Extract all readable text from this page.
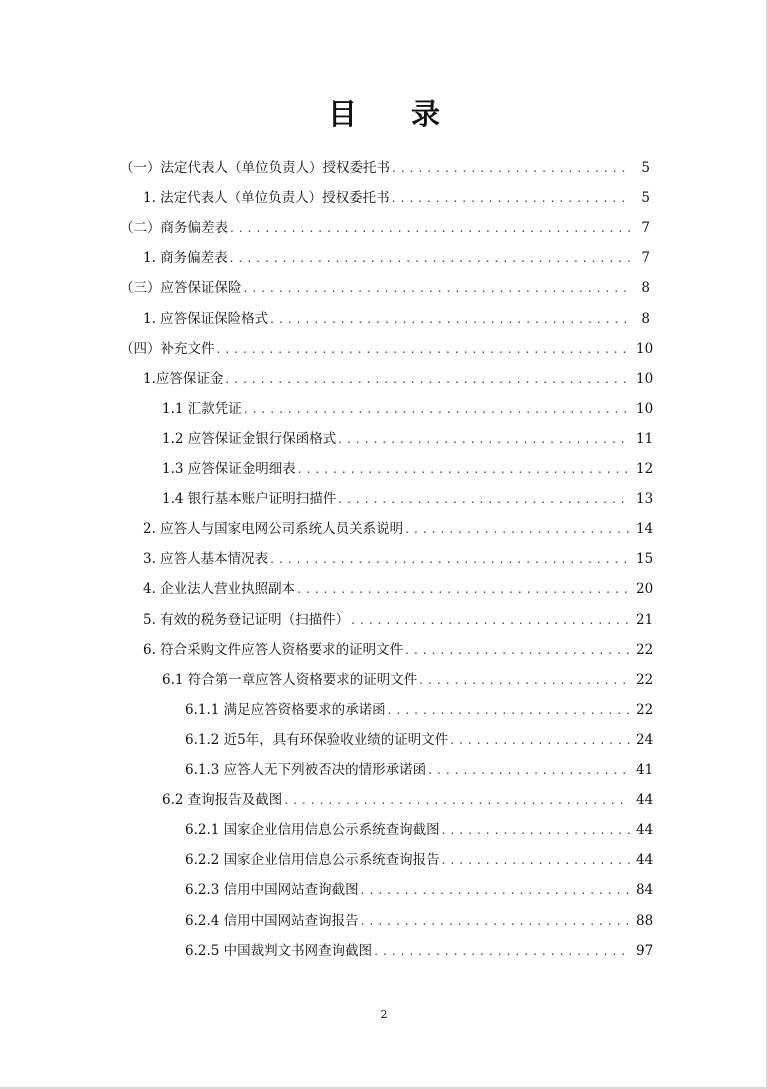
目 录
（一）法定代表人（单位负责人）授权委托书 . . .	5
1. 法定代表人（单位负责人）授权委托书 . . .	5
（二）商务偏差表 . . .	7
1. 商务偏差表 . . .	7
（三）应答保证保险 . . .	8
1. 应答保证保险格式 . . .	8
（四）补充文件 . . .	10
1.应答保证金 . . .	10
1.1 汇款凭证 . . .	10
1.2 应答保证金银行保函格式 . . .	11
1.3 应答保证金明细表 . . .	12
1.4 银行基本账户证明扫描件 . . .	13
2. 应答人与国家电网公司系统人员关系说明 . . .	14
3. 应答人基本情况表 . . .	15
4. 企业法人营业执照副本 . . .	20
5. 有效的税务登记证明（扫描件） . . .	21
6. 符合采购文件应答人资格要求的证明文件 . . .	22
6.1 符合第一章应答人资格要求的证明文件 . . .	22
6.1.1 满足应答资格要求的承诺函 . . .	22
6.1.2 近5年，具有环保验收业绩的证明文件 . . .	24
6.1.3 应答人无下列被否决的情形承诺函 . . .	41
6.2 查询报告及截图 . . .	44
6.2.1 国家企业信用信息公示系统查询截图 . . .	44
6.2.2 国家企业信用信息公示系统查询报告 . . .	44
6.2.3 信用中国网站查询截图 . . .	84
6.2.4 信用中国网站查询报告 . . .	88
6.2.5 中国裁判文书网查询截图 . . .	97
2
